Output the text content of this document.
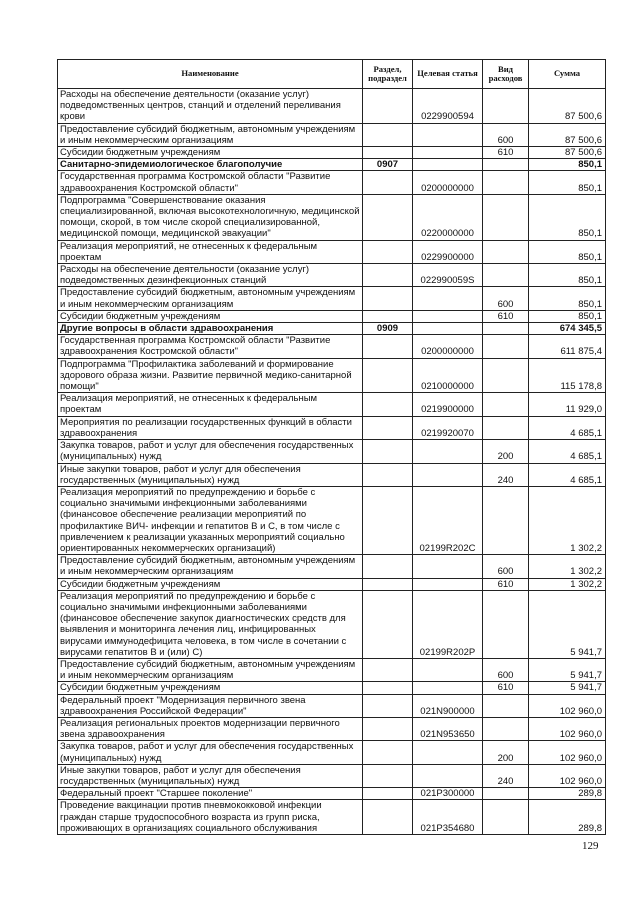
Наименование	Раздел, подраздел	Целевая статья	Вид расходов	Сумма
Расходы на обеспечение деятельности (оказание услуг) подведомственных центров, станций и отделений переливания крови		0229900594		87 500,6
Предоставление субсидий бюджетным, автономным учреждениям и иным некоммерческим организациям			600	87 500,6
Субсидии бюджетным учреждениям			610	87 500,6
Санитарно-эпидемиологическое благополучие	0907			850,1
Государственная программа Костромской области "Развитие здравоохранения Костромской области"		0200000000		850,1
Подпрограмма "Совершенствование оказания специализированной, включая высокотехнологичную, медицинской помощи, скорой, в том числе скорой специализированной, медицинской помощи, медицинской эвакуации"		0220000000		850,1
Реализация мероприятий, не отнесенных к федеральным проектам		0229900000		850,1
Расходы на обеспечение деятельности (оказание услуг) подведомственных дезинфекционных станций		022990059S		850,1
Предоставление субсидий бюджетным, автономным учреждениям и иным некоммерческим организациям			600	850,1
Субсидии бюджетным учреждениям			610	850,1
Другие вопросы в области здравоохранения	0909			674 345,5
Государственная программа Костромской области "Развитие здравоохранения Костромской области"		0200000000		611 875,4
Подпрограмма "Профилактика заболеваний и формирование здорового образа жизни. Развитие первичной медико-санитарной помощи"		0210000000		115 178,8
Реализация мероприятий, не отнесенных к федеральным проектам		0219900000		11 929,0
Мероприятия по реализации государственных функций в области здравоохранения		0219920070		4 685,1
Закупка товаров, работ и услуг для обеспечения государственных (муниципальных) нужд			200	4 685,1
Иные закупки товаров, работ и услуг для обеспечения государственных (муниципальных) нужд			240	4 685,1
Реализация мероприятий по предупреждению и борьбе с социально значимыми инфекционными заболеваниями (финансовое обеспечение реализации мероприятий по профилактике ВИЧ- инфекции и гепатитов В и С, в том числе с привлечением к реализации указанных мероприятий социально ориентированных некоммерческих организаций)		02199R202C		1 302,2
Предоставление субсидий бюджетным, автономным учреждениям и иным некоммерческим организациям			600	1 302,2
Субсидии бюджетным учреждениям			610	1 302,2
Реализация мероприятий по предупреждению и борьбе с социально значимыми инфекционными заболеваниями (финансовое обеспечение закупок диагностических средств для выявления и мониторинга лечения лиц, инфицированных вирусами иммунодефицита человека, в том числе в сочетании с вирусами гепатитов В и (или) С)		02199R202P		5 941,7
Предоставление субсидий бюджетным, автономным учреждениям и иным некоммерческим организациям			600	5 941,7
Субсидии бюджетным учреждениям			610	5 941,7
Федеральный проект "Модернизация первичного звена здравоохранения Российской Федерации"		021N900000		102 960,0
Реализация региональных проектов модернизации первичного звена здравоохранения		021N953650		102 960,0
Закупка товаров, работ и услуг для обеспечения государственных (муниципальных) нужд			200	102 960,0
Иные закупки товаров, работ и услуг для обеспечения государственных (муниципальных) нужд			240	102 960,0
Федеральный проект "Старшее поколение"		021P300000		289,8
Проведение вакцинации против пневмококковой инфекции граждан старше трудоспособного возраста из групп риска, проживающих в организациях социального обслуживания		021P354680		289,8
129
